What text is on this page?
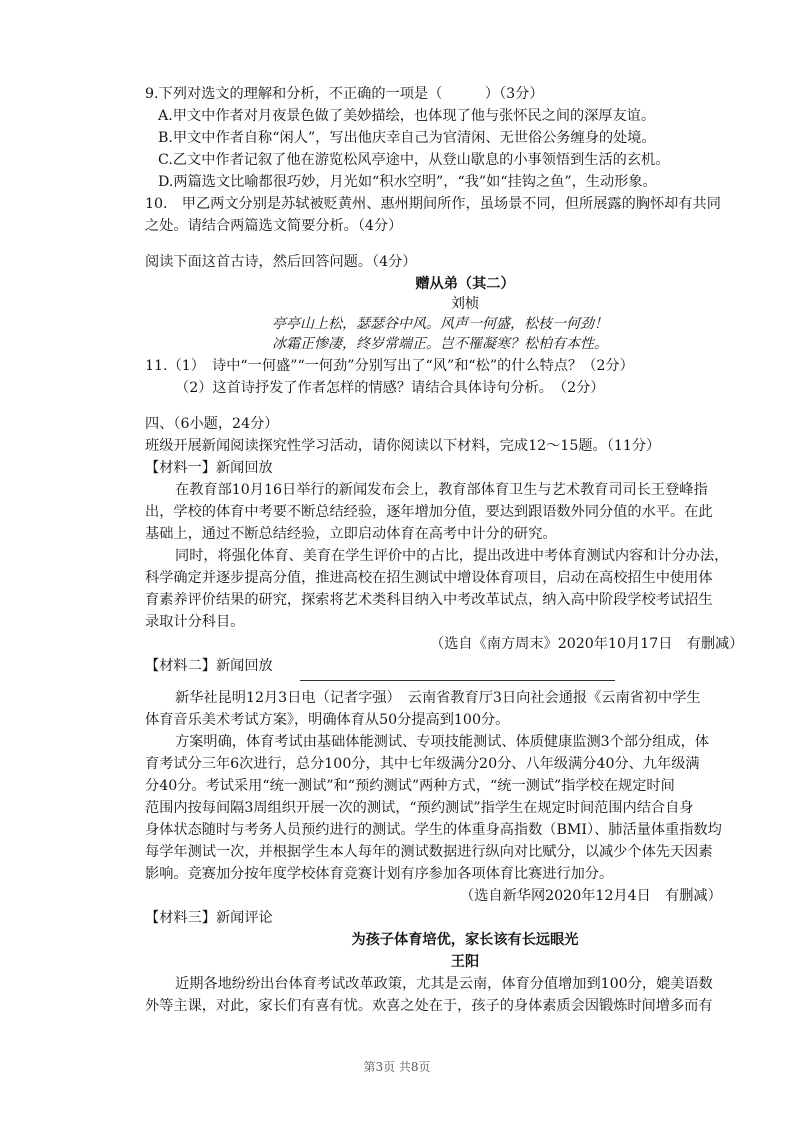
9.下列对选文的理解和分析，不正确的一项是（　　　）（3分）
A.甲文中作者对月夜景色做了美妙描绘，也体现了他与张怀民之间的深厚友谊。
B.甲文中作者自称“闲人”，写出他庆幸自己为官清闲、无世俗公务缠身的处境。
C.乙文中作者记叙了他在游览松风亭途中，从登山歇息的小事领悟到生活的玄机。
D.两篇选文比喻都很巧妙，月光如“积水空明”，“我”如“挂钩之鱼”，生动形象。
10.　甲乙两文分别是苏轼被贬黄州、惠州期间所作，虽场景不同，但所展露的胸怀却有共同
之处。请结合两篇选文简要分析。（4分）
阅读下面这首古诗，然后回答问题。（4分）
赠从弟（其二）
刘桢
亭亭山上松，瑟瑟谷中风。风声一何盛，松枝一何劲！
冰霜正惨凄，终岁常端正。岂不罹凝寒？松柏有本性。
11.（1）　诗中“一何盛”“一何劲”分别写出了“风”和“松”的什么特点？（2分）
（2）这首诗抒发了作者怎样的情感？请结合具体诗句分析。　（2分）
四、（6小题，24分）
班级开展新闻阅读探究性学习活动，请你阅读以下材料，完成12～15题。（11分）
【材料一】新闻回放
在教育部10月16日举行的新闻发布会上，教育部体育卫生与艺术教育司司长王登峰指
出，学校的体育中考要不断总结经验，逐年增加分值，要达到跟语数外同分值的水平。在此
基础上，通过不断总结经验，立即启动体育在高考中计分的研究。
同时，将强化体育、美育在学生评价中的占比，提出改进中考体育测试内容和计分办法，
科学确定并逐步提高分值，推进高校在招生测试中增设体育项目，启动在高校招生中使用体
育素养评价结果的研究，探索将艺术类科目纳入中考改革试点，纳入高中阶段学校考试招生
录取计分科目。
（选自《南方周末》2020年10月17日　有删减）
【材料二】新闻回放
新华社昆明12月3日电（记者字强）　云南省教育厅3日向社会通报《云南省初中学生
体育音乐美术考试方案》，明确体育从50分提高到100分。
方案明确，体育考试由基础体能测试、专项技能测试、体质健康监测3个部分组成，体
育考试分三年6次进行，总分100分，其中七年级满分20分、八年级满分40分、九年级满
分40分。考试采用“统一测试”和“预约测试”两种方式，“统一测试”指学校在规定时间
范围内按每间隔3周组织开展一次的测试，“预约测试”指学生在规定时间范围内结合自身
身体状态随时与考务人员预约进行的测试。学生的体重身高指数（BMI）、肺活量体重指数均
每学年测试一次，并根据学生本人每年的测试数据进行纵向对比赋分，以减少个体先天因素
影响。竞赛加分按年度学校体育竞赛计划有序参加各项体育比赛进行加分。
（选自新华网2020年12月4日　有删减）
【材料三】新闻评论
为孩子体育培优，家长该有长远眼光
王阳
近期各地纷纷出台体育考试改革政策，尤其是云南，体育分值增加到100分，媲美语数
外等主课，对此，家长们有喜有忧。欢喜之处在于，孩子的身体素质会因锻炼时间增多而有
第3页 共8页
